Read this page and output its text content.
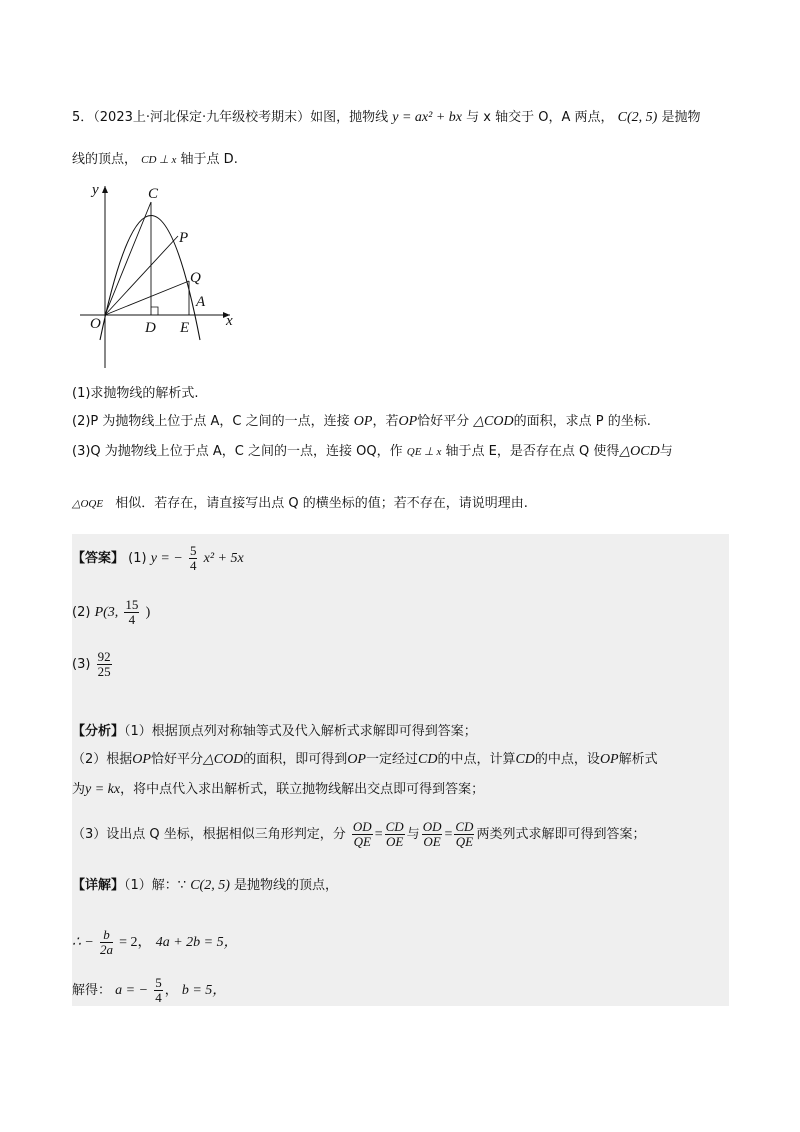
5．（2023上·河北保定·九年级校考期末）如图，抛物线 y = ax² + bx 与 x 轴交于 O，A 两点， C(2, 5) 是抛物
线的顶点， CD ⊥ x 轴于点 D.
y
x
O
C
P
Q
A
D E
(1)求抛物线的解析式.
(2)P 为抛物线上位于点 A，C 之间的一点，连接 OP，若OP恰好平分 △COD的面积，求点 P 的坐标.
(3)Q 为抛物线上位于点 A，C 之间的一点，连接 OQ，作 QE ⊥ x 轴于点 E，是否存在点 Q 使得△OCD与
△OQE 相似．若存在，请直接写出点 Q 的横坐标的值；若不存在，请说明理由.
【答案】 (1) y = − $\frac{5}{4} x^2 + 5x$
(2) P(3, $\frac{15}{4}$ )
$(3) \frac{92}{25}$
【分析】（1）根据顶点列对称轴等式及代入解析式求解即可得到答案；
（2）根据OP恰好平分△COD的面积，即可得到OP一定经过CD的中点，计算CD的中点，设OP解析式
为y = kx，将中点代入求出解析式，联立抛物线解出交点即可得到答案；
（3）设出点 Q 坐标，根据相似三角形判定，分 $\frac{OD}{QE} = \frac{CD}{OE}$ 与 $\frac{OD}{OE} = \frac{CD}{QE}$ 两类列式求解即可得到答案；
【详解】（1）解：∵ C(2, 5) 是抛物线的顶点，
∴ − $\frac{b}{2a} = 2$， 4a + 2b = 5，
解得： a = − $\frac{5}{4}$ ， b = 5，
